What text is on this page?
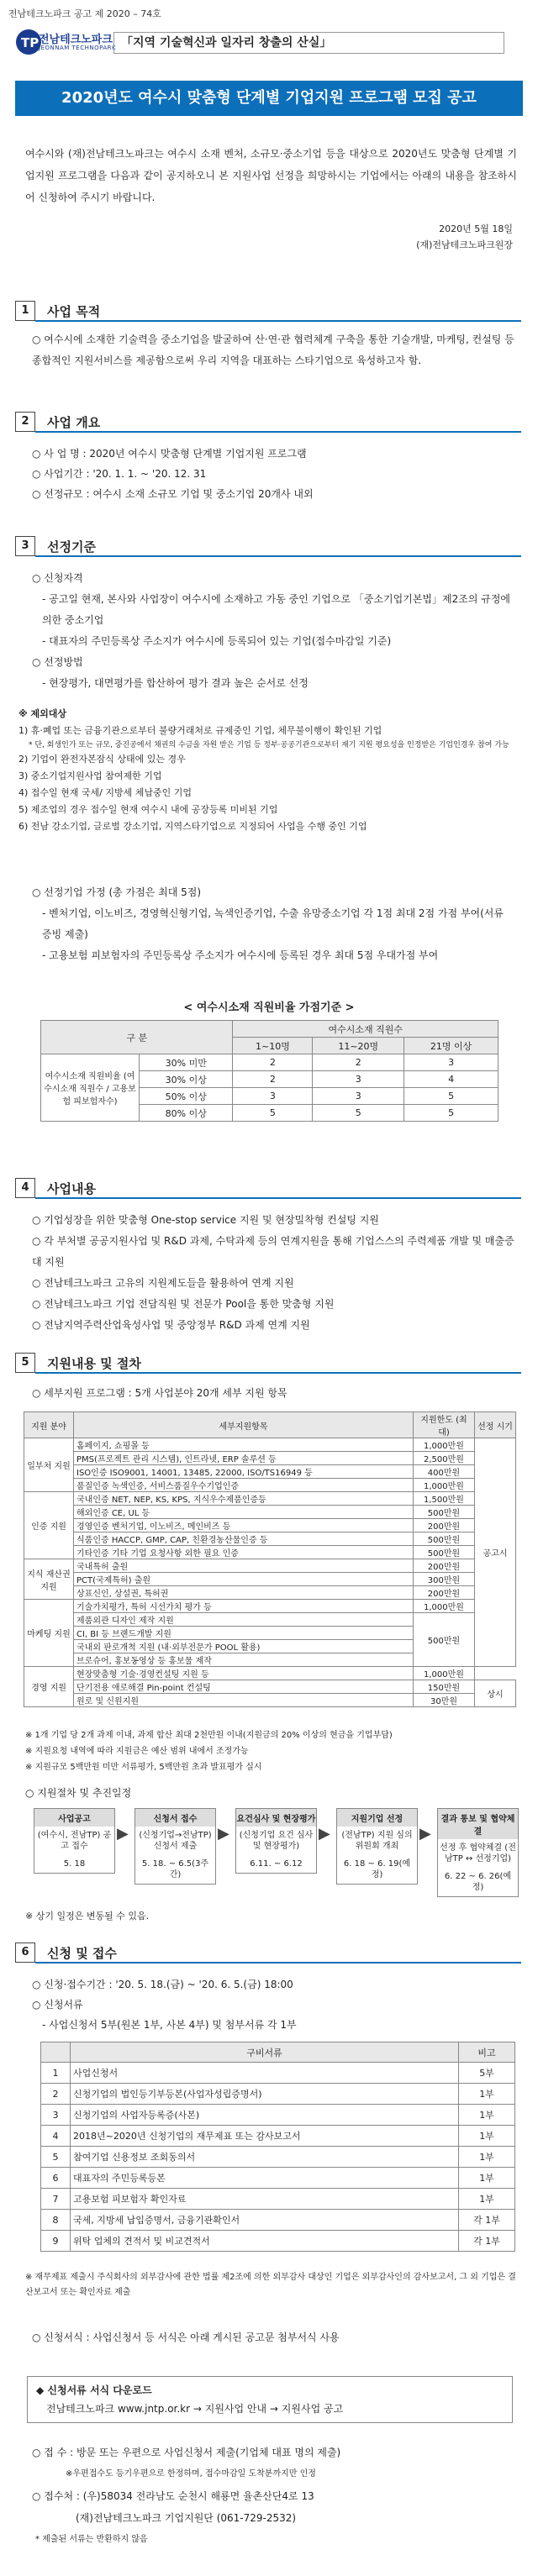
전남테크노파크 공고 제 2020 – 74호
TP 전남테크노파크
JEONNAM TECHNOPARK 「지역 기술혁신과 일자리 창출의 산실」
2020년도 여수시 맞춤형 단계별 기업지원 프로그램 모집 공고
여수시와 (재)전남테크노파크는 여수시 소재 벤처, 소규모·중소기업 등을 대상으로 2020년도 맞춤형 단계별 기업지원 프로그램을 다음과 같이 공지하오니 본 지원사업 선정을 희망하시는 기업에서는 아래의 내용을 참조하시어 신청하여 주시기 바랍니다.
2020년 5월 18일
(재)전남테크노파크원장
1	사업 목적
○ 여수시에 소재한 기술력을 중소기업을 발굴하여 산·연·관 협력체계 구축을 통한 기술개발, 마케팅, 컨설팅 등 종합적인 지원서비스를 제공함으로써 우리 지역을 대표하는 스타기업으로 육성하고자 함.
2	사업 개요
○ 사 업 명 : 2020년 여수시 맞춤형 단계별 기업지원 프로그램
○ 사업기간 : '20. 1. 1. ~ '20. 12. 31
○ 선정규모 : 여수시 소재 소규모 기업 및 중소기업 20개사 내외
3	선정기준
○ 신청자격
- 공고일 현재, 본사와 사업장이 여수시에 소재하고 가동 중인 기업으로 「중소기업기본법」제2조의 규정에 의한 중소기업
- 대표자의 주민등록상 주소지가 여수시에 등록되어 있는 기업(접수마감일 기준)
○ 선정방법
- 현장평가, 대면평가를 합산하여 평가 결과 높은 순서로 선정
※ 제외대상
1) 휴·폐업 또는 금융기관으로부터 불량거래처로 규제중인 기업, 체무불이행이 확인된 기업
* 단, 회생인가 또는 규모, 중진공에서 채권의 수금을 자원 받은 기업 등 정부·공공기관으로부터 재기 지원 평요성을 인정받은 기업인경우 참여 가능
2) 기업이 완전자본잠식 상태에 있는 경우
3) 중소기업지원사업 참여제한 기업
4) 접수일 현재 국세/ 지방세 체납중인 기업
5) 제조업의 경우 접수일 현재 여수시 내에 공장등록 미비된 기업
6) 전남 강소기업, 글로벌 강소기업, 지역스타기업으로 지정되어 사업을 수행 중인 기업
○ 선정기업 가정 (총 가점은 최대 5점)
- 벤처기업, 이노비즈, 경영혁신형기업, 녹색인증기업, 수출 유망중소기업 각 1점 최대 2점 가점 부여(서류 증빙 제출)
- 고용보험 피보험자의 주민등록상 주소지가 여수시에 등록된 경우 최대 5점 우대가점 부여
< 여수시소재 직원비율 가점기준 >
구 분		여수시소재 직원수		
		1~10명	11~20명	21명 이상
여수시소재 직원비율 (여수시소재 직원수 / 고용보험 피보험자수)	30% 미만	2	2	3
	30% 이상	2	3	4
	50% 이상	3	3	5
	80% 이상	5	5	5
4	사업내용
○ 기업성장을 위한 맞춤형 One-stop service 지원 및 현장밀착형 컨설팅 지원
○ 각 부처별 공공지원사업 및 R&D 과제, 수탁과제 등의 연계지원을 통해 기업스스의 주력제품 개발 및 매출증대 지원
○ 전남테크노파크 고유의 지원제도들을 활용하여 연계 지원
○ 전남테크노파크 기업 전담직원 및 전문가 Pool을 통한 맞춤형 지원
○ 전남지역주력산업육성사업 및 중앙정부 R&D 과제 연계 지원
5	지원내용 및 절차
○ 세부지원 프로그램 : 5개 사업분야 20개 세부 지원 항목
지원 분야	세부지원항목	지원한도 (최대)	선정 시기
일부처 지원	홈페이지, 쇼핑몰 등	1,000만원	공고시
	PMS(프로젝트 관리 시스템), 인트라넷, ERP 솔루션 등	2,500만원	
	ISO인증 ISO9001, 14001, 13485, 22000, ISO/TS16949 등	400만원	
	품질인증 녹색인증, 서비스품질우수기업인증	1,000만원	
인증 지원	국내인증 NET, NEP, KS, KPS, 지식우수제품인증등	1,500만원	
	해외인증 CE, UL 등	500만원	
	경영인증 벤처기업, 이노비즈, 메인비즈 등	200만원	
	식품인증 HACCP, GMP, CAP, 친환경농산물인증 등	500만원	
	기타인증 기타 기업 요청사항 외한 필요 인증	500만원	
지식 재산권 지원	국내특허 출원	200만원	
	PCT(국제특허) 출원	300만원	
	상표신인, 상설권, 특허권	200만원	
마케팅 지원	기술가치평가, 특허 시선가치 평가 등	1,000만원	
	제품외관 디자인 제작 지원	500만원	
	CI, BI 등 브랜드개발 지원		
	국내외 판로개척 지원 (내·외부전문가 POOL 활용)		
	브로슈어, 홍보동영상 등 홍보물 제작		
경영 지원	현장맞춤형 기술·경영컨설팅 지원 등	1,000만원	
	단기전용 애로해결 Pin-point 컨설팅	150만원	상시
	원로 및 신원지원	30만원	
※ 1개 기업 당 2개 과제 이내, 과제 합산 최대 2천만원 이내(지원금의 20% 이상의 현금을 기업부담)
※ 지원요청 내역에 따라 지원금은 예산 범위 내에서 조정가능
※ 지원규모 5백만원 미만 서류평가, 5백만원 초과 발표평가 실시
○ 지원절차 및 추진일정
사업공고
(여수시, 전남TP) 공고 접수
5. 18
▶
신청서 접수
(신청기업→전남TP) 신청서 제출
5. 18. ~ 6.5(3주간)
▶
요건심사 및 현장평가
(신청기업 요건 심사 및 현장평가)
6.11. ~ 6.12
▶
지원기업 선정
(전남TP) 지원 심의위원회 개최
6. 18 ~ 6. 19(예정)
▶
결과 통보 및 협약체결
선정 후 협약체결 (전남TP ↔ 선정기업)
6. 22 ~ 6. 26(예정)
※ 상기 일정은 변동될 수 있음.
6	신청 및 접수
○ 신청·접수기간 : '20. 5. 18.(금) ~ '20. 6. 5.(금) 18:00
○ 신청서류
- 사업신청서 5부(원본 1부, 사본 4부) 및 첨부서류 각 1부
	구비서류	비고
1	사업신청서	5부
2	신청기업의 법인등기부등본(사업자성립증명서)	1부
3	신청기업의 사업자등록증(사본)	1부
4	2018년~2020년 신청기업의 재무제표 또는 감사보고서	1부
5	참여기업 신용정보 조회동의서	1부
6	대표자의 주민등록등본	1부
7	고용보험 피보험자 확인자료	1부
8	국세, 지방세 납입증명서, 금융기관확인서	각 1부
9	위탁 업체의 견적서 및 비교견적서	각 1부
※ 재무제표 제출시 주식회사의 외부감사에 관한 법률 제2조에 의한 외부감사 대상인 기업은 외부감사인의 감사보고서, 그 외 기업은 결산보고서 또는 확인자료 제출
○ 신청서식 : 사업신청서 등 서식은 아래 게시된 공고문 첨부서식 사용
◆ 신청서류 서식 다운로드
전남테크노파크 www.jntp.or.kr → 지원사업 안내 → 지원사업 공고
○ 접 수 : 방문 또는 우편으로 사업신청서 제출(기업체 대표 명의 제출)
※우편접수도 등기우편으로 한정하며, 접수마감일 도착분까지만 인정
○ 접수처 : (우)58034 전라남도 순천시 해룡면 율촌산단4로 13
(재)전남테크노파크 기업지원단 (061-729-2532)
* 제출된 서류는 반환하지 않음
